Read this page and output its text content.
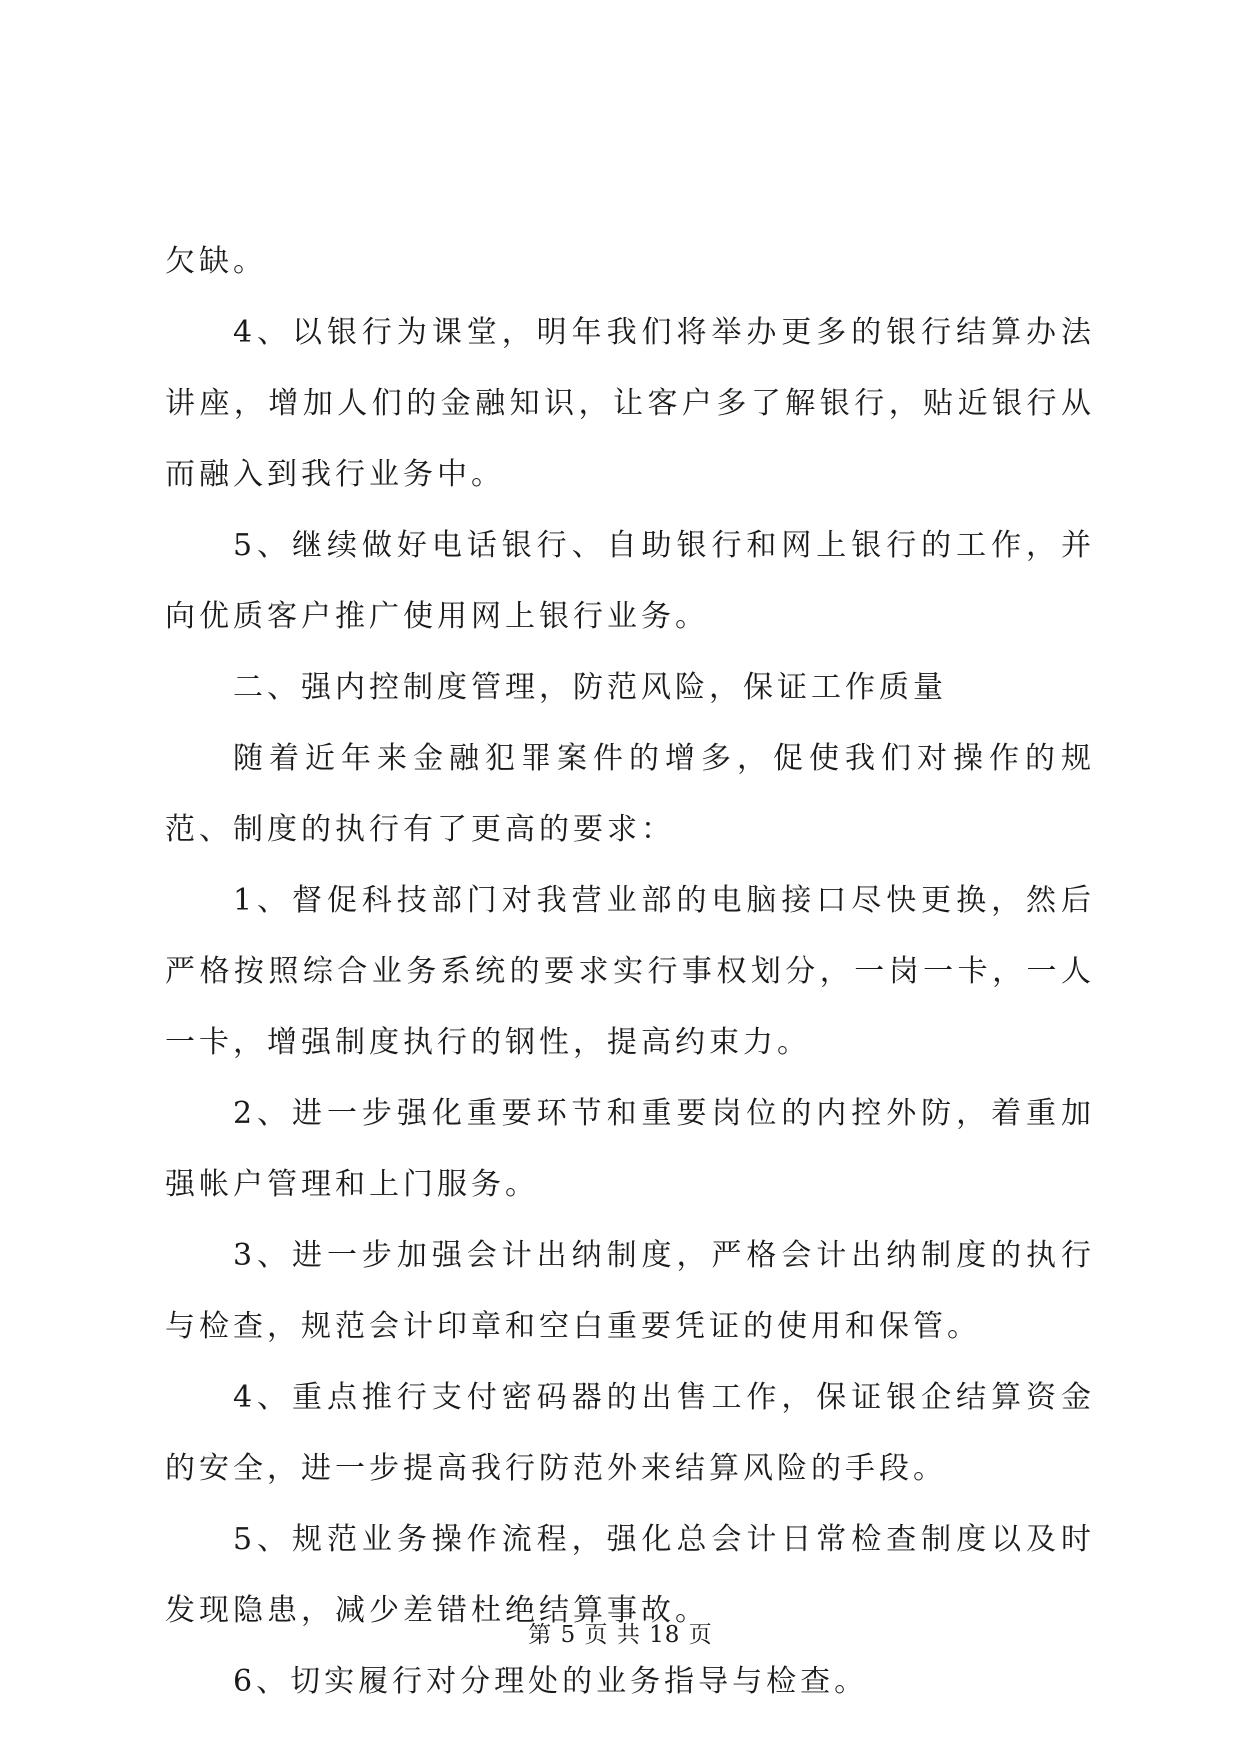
欠缺。

4、以银行为课堂，明年我们将举办更多的银行结算办法讲座，增加人们的金融知识，让客户多了解银行，贴近银行从而融入到我行业务中。

5、继续做好电话银行、自助银行和网上银行的工作，并向优质客户推广使用网上银行业务。

二、强内控制度管理，防范风险，保证工作质量

随着近年来金融犯罪案件的增多，促使我们对操作的规范、制度的执行有了更高的要求：

1、督促科技部门对我营业部的电脑接口尽快更换，然后严格按照综合业务系统的要求实行事权划分，一岗一卡，一人一卡，增强制度执行的钢性，提高约束力。

2、进一步强化重要环节和重要岗位的内控外防，着重加强帐户管理和上门服务。

3、进一步加强会计出纳制度，严格会计出纳制度的执行与检查，规范会计印章和空白重要凭证的使用和保管。

4、重点推行支付密码器的出售工作，保证银企结算资金的安全，进一步提高我行防范外来结算风险的手段。

5、规范业务操作流程，强化总会计日常检查制度以及时发现隐患，减少差错杜绝结算事故。

6、切实履行对分理处的业务指导与检查。

第 5 页 共 18 页
